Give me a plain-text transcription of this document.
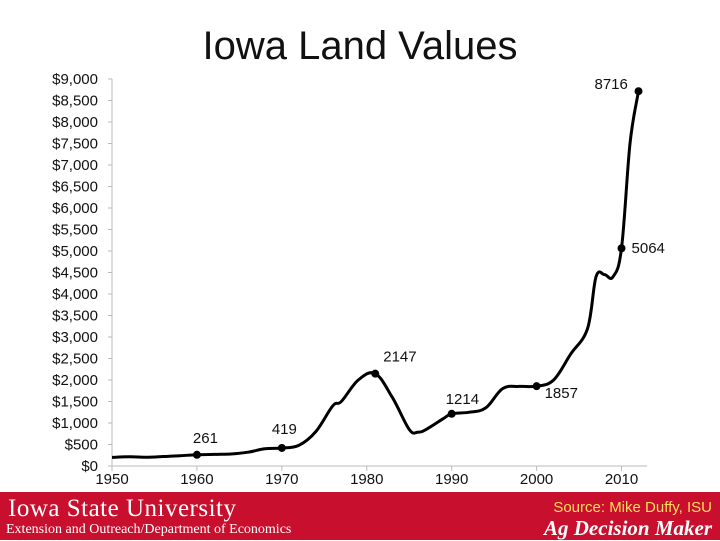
Iowa Land Values
$0
$500
$1,000
$1,500
$2,000
$2,500
$3,000
$3,500
$4,000
$4,500
$5,000
$5,500
$6,000
$6,500
$7,000
$7,500
$8,000
$8,500
$9,000
1950	1960	1970	1980	1990	2000	2010
261
419
2147
1214	1857
5064
8716
Iowa State University
Extension and Outreach/Department of Economics
Source: Mike Duffy, ISU
Ag Decision Maker
